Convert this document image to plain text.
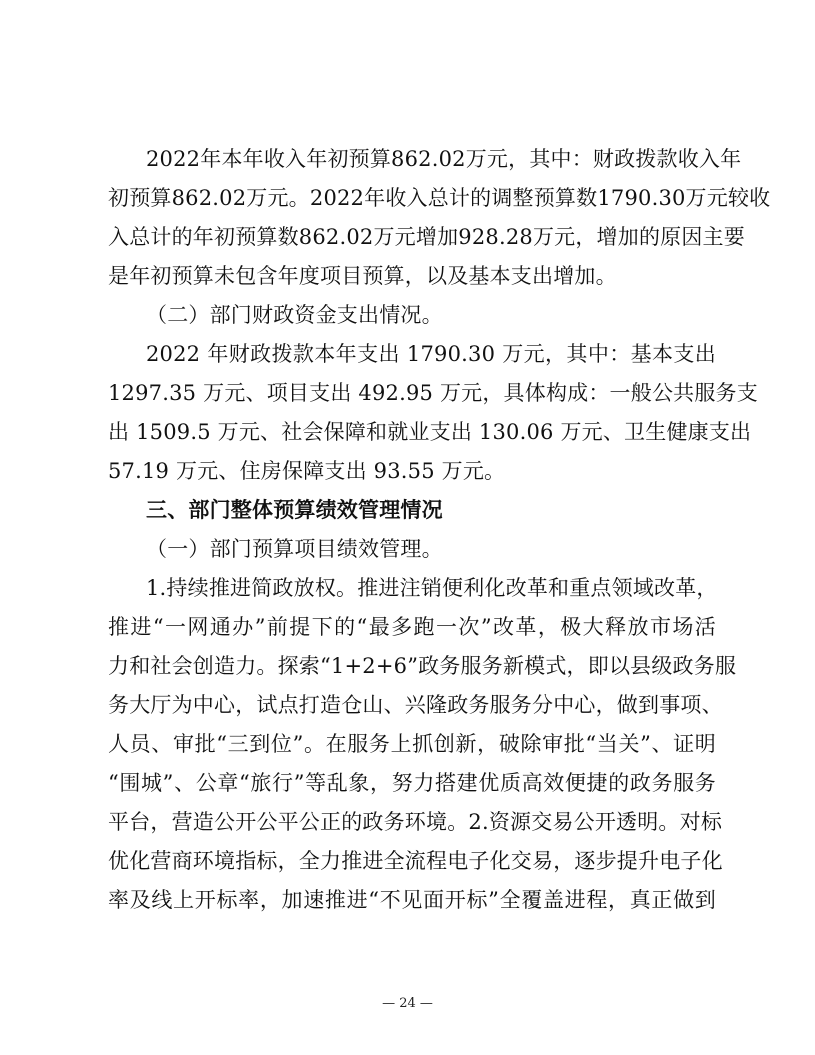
2022年本年收入年初预算862.02万元，其中：财政拨款收入年
初预算862.02万元。2022年收入总计的调整预算数1790.30万元较收
入总计的年初预算数862.02万元增加928.28万元，增加的原因主要
是年初预算未包含年度项目预算，以及基本支出增加。
（二）部门财政资金支出情况。
2022 年财政拨款本年支出 1790.30 万元，其中：基本支出
1297.35 万元、项目支出 492.95 万元，具体构成：一般公共服务支
出 1509.5 万元、社会保障和就业支出 130.06 万元、卫生健康支出
57.19 万元、住房保障支出 93.55 万元。
三、部门整体预算绩效管理情况
（一）部门预算项目绩效管理。
1.持续推进简政放权。推进注销便利化改革和重点领域改革，
推进“一网通办”前提下的“最多跑一次”改革，极大释放市场活
力和社会创造力。探索“1+2+6”政务服务新模式，即以县级政务服
务大厅为中心，试点打造仓山、兴隆政务服务分中心，做到事项、
人员、审批“三到位”。在服务上抓创新，破除审批“当关”、证明
“围城”、公章“旅行”等乱象，努力搭建优质高效便捷的政务服务
平台，营造公开公平公正的政务环境。2.资源交易公开透明。对标
优化营商环境指标，全力推进全流程电子化交易，逐步提升电子化
率及线上开标率，加速推进“不见面开标”全覆盖进程，真正做到
— 24 —
